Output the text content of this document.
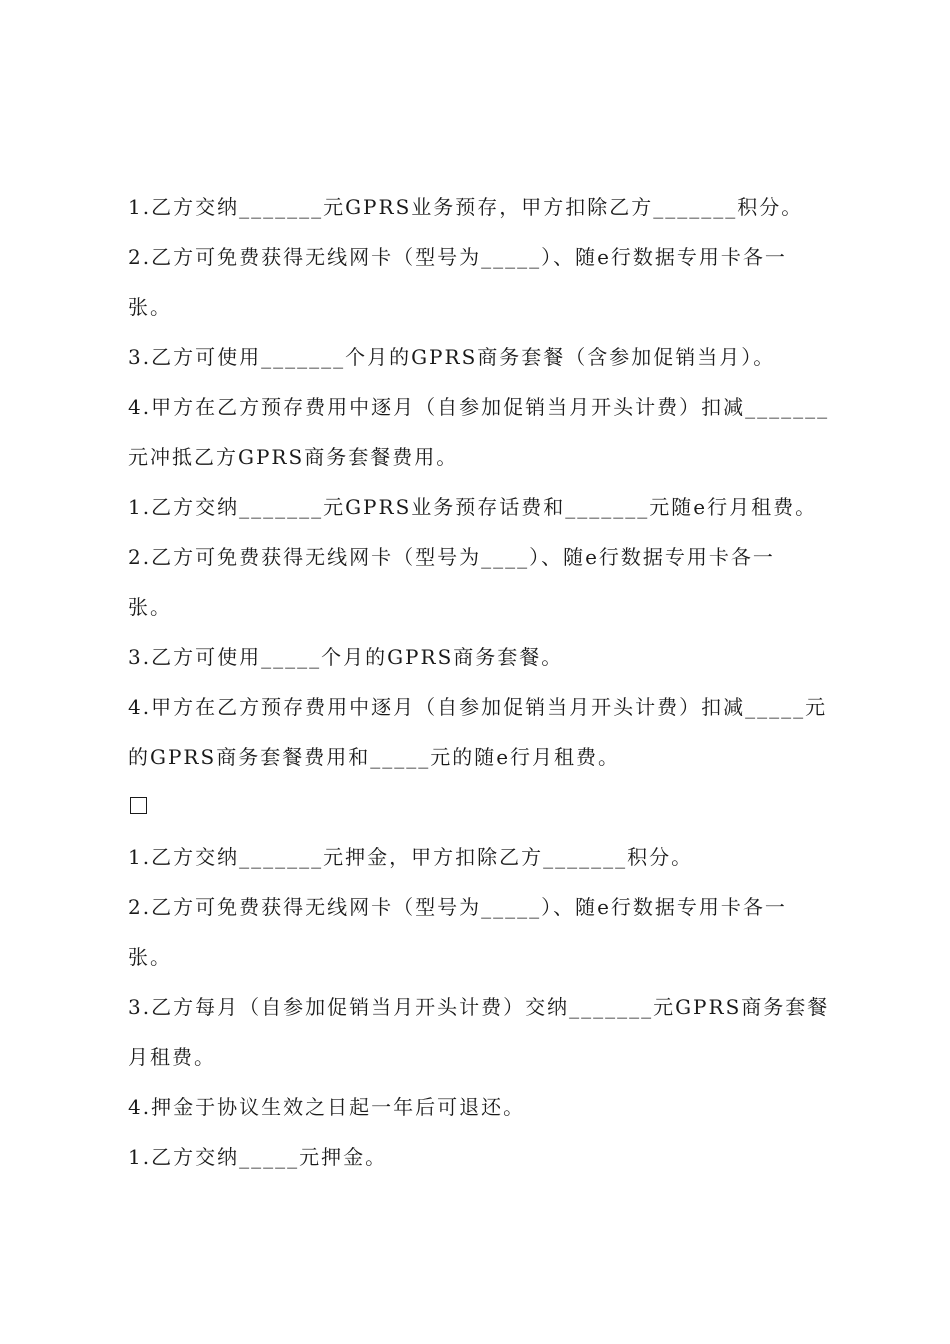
1.乙方交纳_______元GPRS业务预存，甲方扣除乙方_______积分。
2.乙方可免费获得无线网卡（型号为_____）、随e行数据专用卡各一
张。
3.乙方可使用_______个月的GPRS商务套餐（含参加促销当月）。
4.甲方在乙方预存费用中逐月（自参加促销当月开头计费）扣减_______
元冲抵乙方GPRS商务套餐费用。
1.乙方交纳_______元GPRS业务预存话费和_______元随e行月租费。
2.乙方可免费获得无线网卡（型号为____）、随e行数据专用卡各一
张。
3.乙方可使用_____个月的GPRS商务套餐。
4.甲方在乙方预存费用中逐月（自参加促销当月开头计费）扣减_____元
的GPRS商务套餐费用和_____元的随e行月租费。
1.乙方交纳_______元押金，甲方扣除乙方_______积分。
2.乙方可免费获得无线网卡（型号为_____）、随e行数据专用卡各一
张。
3.乙方每月（自参加促销当月开头计费）交纳_______元GPRS商务套餐
月租费。
4.押金于协议生效之日起一年后可退还。
1.乙方交纳_____元押金。
